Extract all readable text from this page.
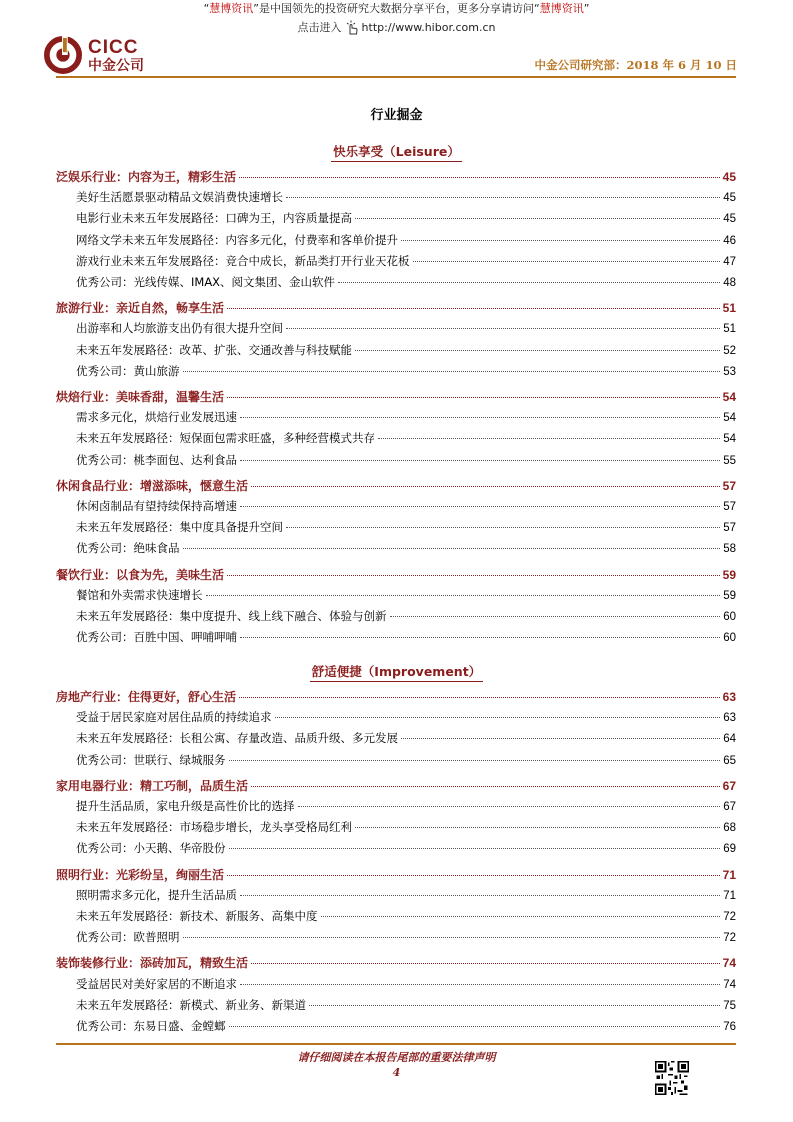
“慧博资讯”是中国领先的投资研究大数据分享平台，更多分享请访问“慧博资讯”
点击进入 http://www.hibor.com.cn
CICC
中金公司	中金公司研究部：2018 年 6 月 10 日
行业掘金
快乐享受（Leisure）
泛娱乐行业：内容为王，精彩生活	45
美好生活愿景驱动精品文娱消费快速增长	45
电影行业未来五年发展路径：口碑为王，内容质量提高	45
网络文学未来五年发展路径：内容多元化，付费率和客单价提升	46
游戏行业未来五年发展路径：竞合中成长，新品类打开行业天花板	47
优秀公司：光线传媒、IMAX、阅文集团、金山软件	48
旅游行业：亲近自然，畅享生活	51
出游率和人均旅游支出仍有很大提升空间	51
未来五年发展路径：改革、扩张、交通改善与科技赋能	52
优秀公司：黄山旅游	53
烘焙行业：美味香甜，温馨生活	54
需求多元化，烘焙行业发展迅速	54
未来五年发展路径：短保面包需求旺盛，多种经营模式共存	54
优秀公司：桃李面包、达利食品	55
休闲食品行业：增滋添味，惬意生活	57
休闲卤制品有望持续保持高增速	57
未来五年发展路径：集中度具备提升空间	57
优秀公司：绝味食品	58
餐饮行业：以食为先，美味生活	59
餐馆和外卖需求快速增长	59
未来五年发展路径：集中度提升、线上线下融合、体验与创新	60
优秀公司：百胜中国、呷哺呷哺	60
舒适便捷（Improvement）
房地产行业：住得更好，舒心生活	63
受益于居民家庭对居住品质的持续追求	63
未来五年发展路径：长租公寓、存量改造、品质升级、多元发展	64
优秀公司：世联行、绿城服务	65
家用电器行业：精工巧制，品质生活	67
提升生活品质，家电升级是高性价比的选择	67
未来五年发展路径：市场稳步增长，龙头享受格局红利	68
优秀公司：小天鹅、华帝股份	69
照明行业：光彩纷呈，绚丽生活	71
照明需求多元化，提升生活品质	71
未来五年发展路径：新技术、新服务、高集中度	72
优秀公司：欧普照明	72
装饰装修行业：添砖加瓦，精致生活	74
受益居民对美好家居的不断追求	74
未来五年发展路径：新模式、新业务、新渠道	75
优秀公司：东易日盛、金螳螂	76
请仔细阅读在本报告尾部的重要法律声明
4
